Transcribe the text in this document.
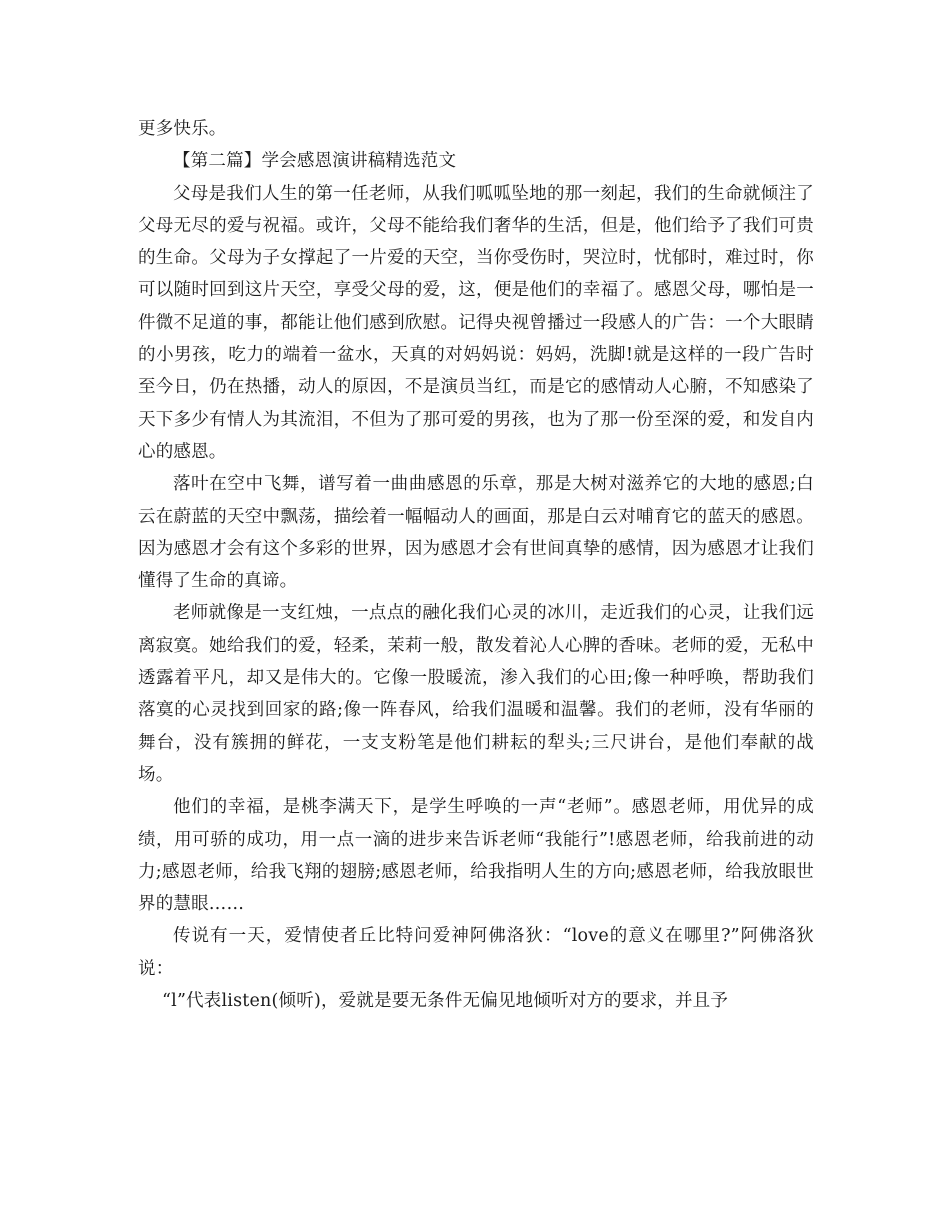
更多快乐。

【第二篇】学会感恩演讲稿精选范文

父母是我们人生的第一任老师，从我们呱呱坠地的那一刻起，我们的生命就倾注了父母无尽的爱与祝福。或许，父母不能给我们奢华的生活，但是，他们给予了我们可贵的生命。父母为子女撑起了一片爱的天空，当你受伤时，哭泣时，忧郁时，难过时，你可以随时回到这片天空，享受父母的爱，这，便是他们的幸福了。感恩父母，哪怕是一件微不足道的事，都能让他们感到欣慰。记得央视曾播过一段感人的广告：一个大眼睛的小男孩，吃力的端着一盆水，天真的对妈妈说：妈妈，洗脚!就是这样的一段广告时至今日，仍在热播，动人的原因，不是演员当红，而是它的感情动人心腑，不知感染了天下多少有情人为其流泪，不但为了那可爱的男孩，也为了那一份至深的爱，和发自内心的感恩。

落叶在空中飞舞，谱写着一曲曲感恩的乐章，那是大树对滋养它的大地的感恩;白云在蔚蓝的天空中飘荡，描绘着一幅幅动人的画面，那是白云对哺育它的蓝天的感恩。因为感恩才会有这个多彩的世界，因为感恩才会有世间真挚的感情，因为感恩才让我们懂得了生命的真谛。

老师就像是一支红烛，一点点的融化我们心灵的冰川，走近我们的心灵，让我们远离寂寞。她给我们的爱，轻柔，茉莉一般，散发着沁人心脾的香味。老师的爱，无私中透露着平凡，却又是伟大的。它像一股暖流，渗入我们的心田;像一种呼唤，帮助我们落寞的心灵找到回家的路;像一阵春风，给我们温暖和温馨。我们的老师，没有华丽的舞台，没有簇拥的鲜花，一支支粉笔是他们耕耘的犁头;三尺讲台，是他们奉献的战场。

他们的幸福，是桃李满天下，是学生呼唤的一声“老师”。感恩老师，用优异的成绩，用可骄的成功，用一点一滴的进步来告诉老师“我能行”!感恩老师，给我前进的动力;感恩老师，给我飞翔的翅膀;感恩老师，给我指明人生的方向;感恩老师，给我放眼世界的慧眼……

传说有一天，爱情使者丘比特问爱神阿佛洛狄：“love的意义在哪里?”阿佛洛狄说：

“l”代表listen(倾听)，爱就是要无条件无偏见地倾听对方的要求，并且予
